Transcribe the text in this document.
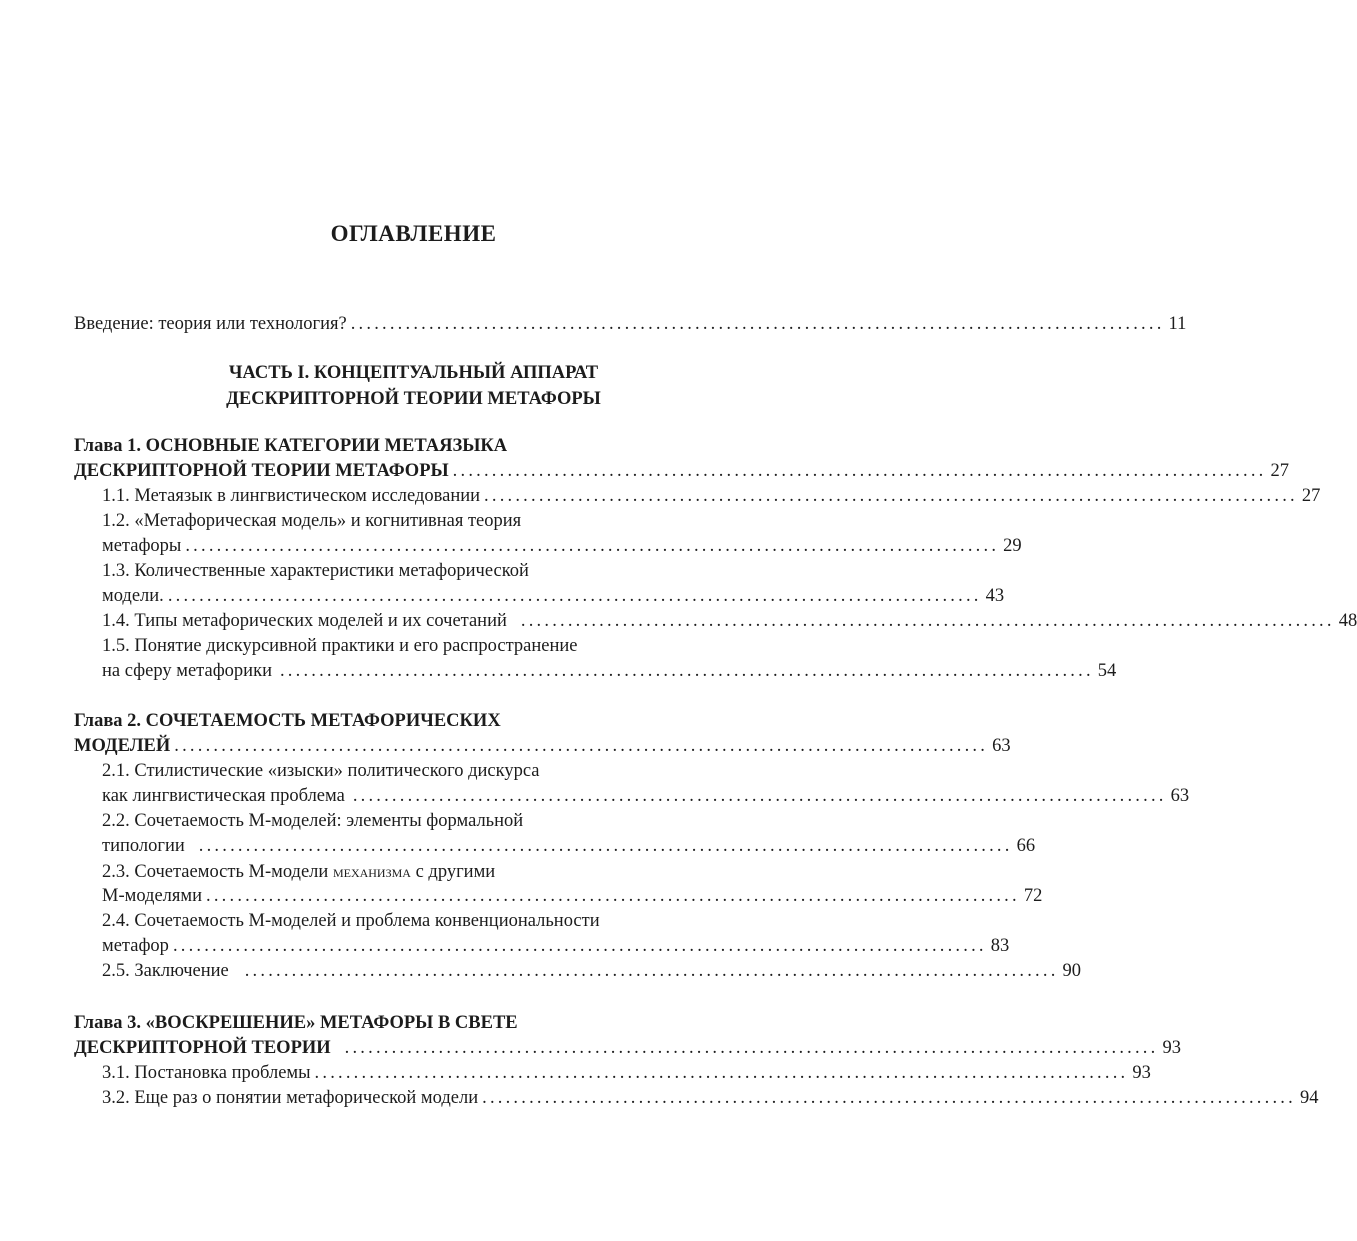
ОГЛАВЛЕНИЕ
Введение: теория или технология? ........................................................................................................ 11
ЧАСТЬ I. КОНЦЕПТУАЛЬНЫЙ АППАРАТ
ДЕСКРИПТОРНОЙ ТЕОРИИ МЕТАФОРЫ
Глава 1. ОСНОВНЫЕ КАТЕГОРИИ МЕТАЯЗЫКА
ДЕСКРИПТОРНОЙ ТЕОРИИ МЕТАФОРЫ ........................................................................................................ 27
1.1. Метаязык в лингвистическом исследовании ........................................................................................................ 27
1.2. «Метафорическая модель» и когнитивная теория
метафоры ........................................................................................................ 29
1.3. Количественные характеристики метафорической
модели. ........................................................................................................ 43
1.4. Типы метафорических моделей и их сочетаний ........................................................................................................ 48
1.5. Понятие дискурсивной практики и его распространение
на сферу метафорики ........................................................................................................ 54
Глава 2. СОЧЕТАЕМОСТЬ МЕТАФОРИЧЕСКИХ
МОДЕЛЕЙ ........................................................................................................ 63
2.1. Стилистические «изыски» политического дискурса
как лингвистическая проблема ........................................................................................................ 63
2.2. Сочетаемость М-моделей: элементы формальной
типологии ........................................................................................................ 66
2.3. Сочетаемость М-модели механизма с другими
М-моделями ........................................................................................................ 72
2.4. Сочетаемость М-моделей и проблема конвенциональности
метафор ........................................................................................................ 83
2.5. Заключение ........................................................................................................ 90
Глава 3. «ВОСКРЕШЕНИЕ» МЕТАФОРЫ В СВЕТЕ
ДЕСКРИПТОРНОЙ ТЕОРИИ ........................................................................................................ 93
3.1. Постановка проблемы ........................................................................................................ 93
3.2. Еще раз о понятии метафорической модели ........................................................................................................ 94
